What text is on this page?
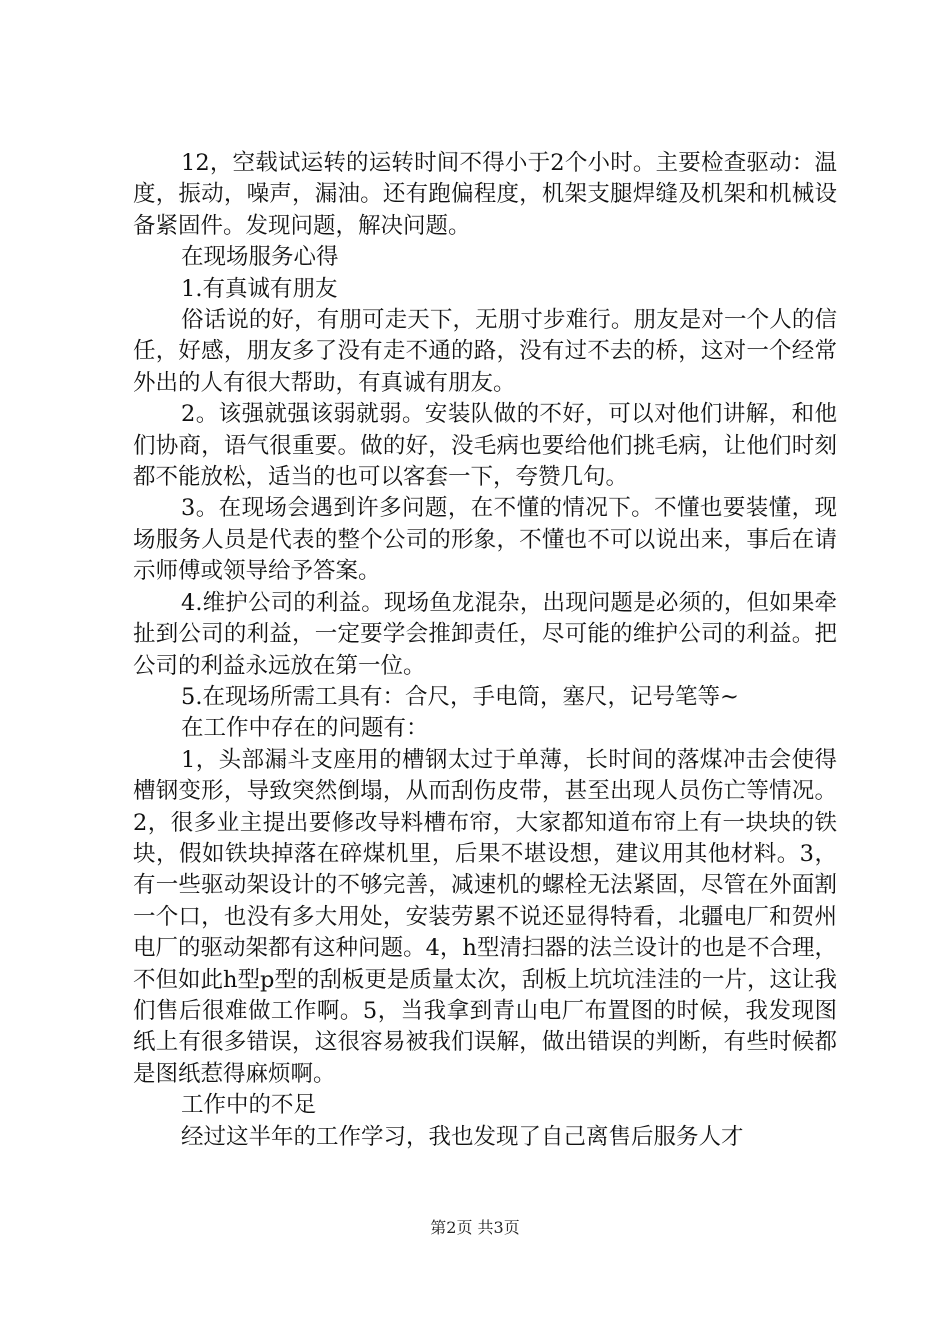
12，空载试运转的运转时间不得小于2个小时。主要检查驱动：温度，振动，噪声，漏油。还有跑偏程度，机架支腿焊缝及机架和机械设备紧固件。发现问题，解决问题。

在现场服务心得

1.有真诚有朋友

俗话说的好，有朋可走天下，无朋寸步难行。朋友是对一个人的信任，好感，朋友多了没有走不通的路，没有过不去的桥，这对一个经常外出的人有很大帮助，有真诚有朋友。

2。该强就强该弱就弱。安装队做的不好，可以对他们讲解，和他们协商，语气很重要。做的好，没毛病也要给他们挑毛病，让他们时刻都不能放松，适当的也可以客套一下，夸赞几句。

3。在现场会遇到许多问题，在不懂的情况下。不懂也要装懂，现场服务人员是代表的整个公司的形象，不懂也不可以说出来，事后在请示师傅或领导给予答案。

4.维护公司的利益。现场鱼龙混杂，出现问题是必须的，但如果牵扯到公司的利益，一定要学会推卸责任，尽可能的维护公司的利益。把公司的利益永远放在第一位。

5.在现场所需工具有：合尺，手电筒，塞尺，记号笔等~

在工作中存在的问题有：

1，头部漏斗支座用的槽钢太过于单薄，长时间的落煤冲击会使得槽钢变形，导致突然倒塌，从而刮伤皮带，甚至出现人员伤亡等情况。2，很多业主提出要修改导料槽布帘，大家都知道布帘上有一块块的铁块，假如铁块掉落在碎煤机里，后果不堪设想，建议用其他材料。3，有一些驱动架设计的不够完善，减速机的螺栓无法紧固，尽管在外面割一个口，也没有多大用处，安装劳累不说还显得特看，北疆电厂和贺州电厂的驱动架都有这种问题。4，h型清扫器的法兰设计的也是不合理，不但如此h型p型的刮板更是质量太次，刮板上坑坑洼洼的一片，这让我们售后很难做工作啊。5，当我拿到青山电厂布置图的时候，我发现图纸上有很多错误，这很容易被我们误解，做出错误的判断，有些时候都是图纸惹得麻烦啊。

工作中的不足

经过这半年的工作学习，我也发现了自己离售后服务人才

第2页 共3页
